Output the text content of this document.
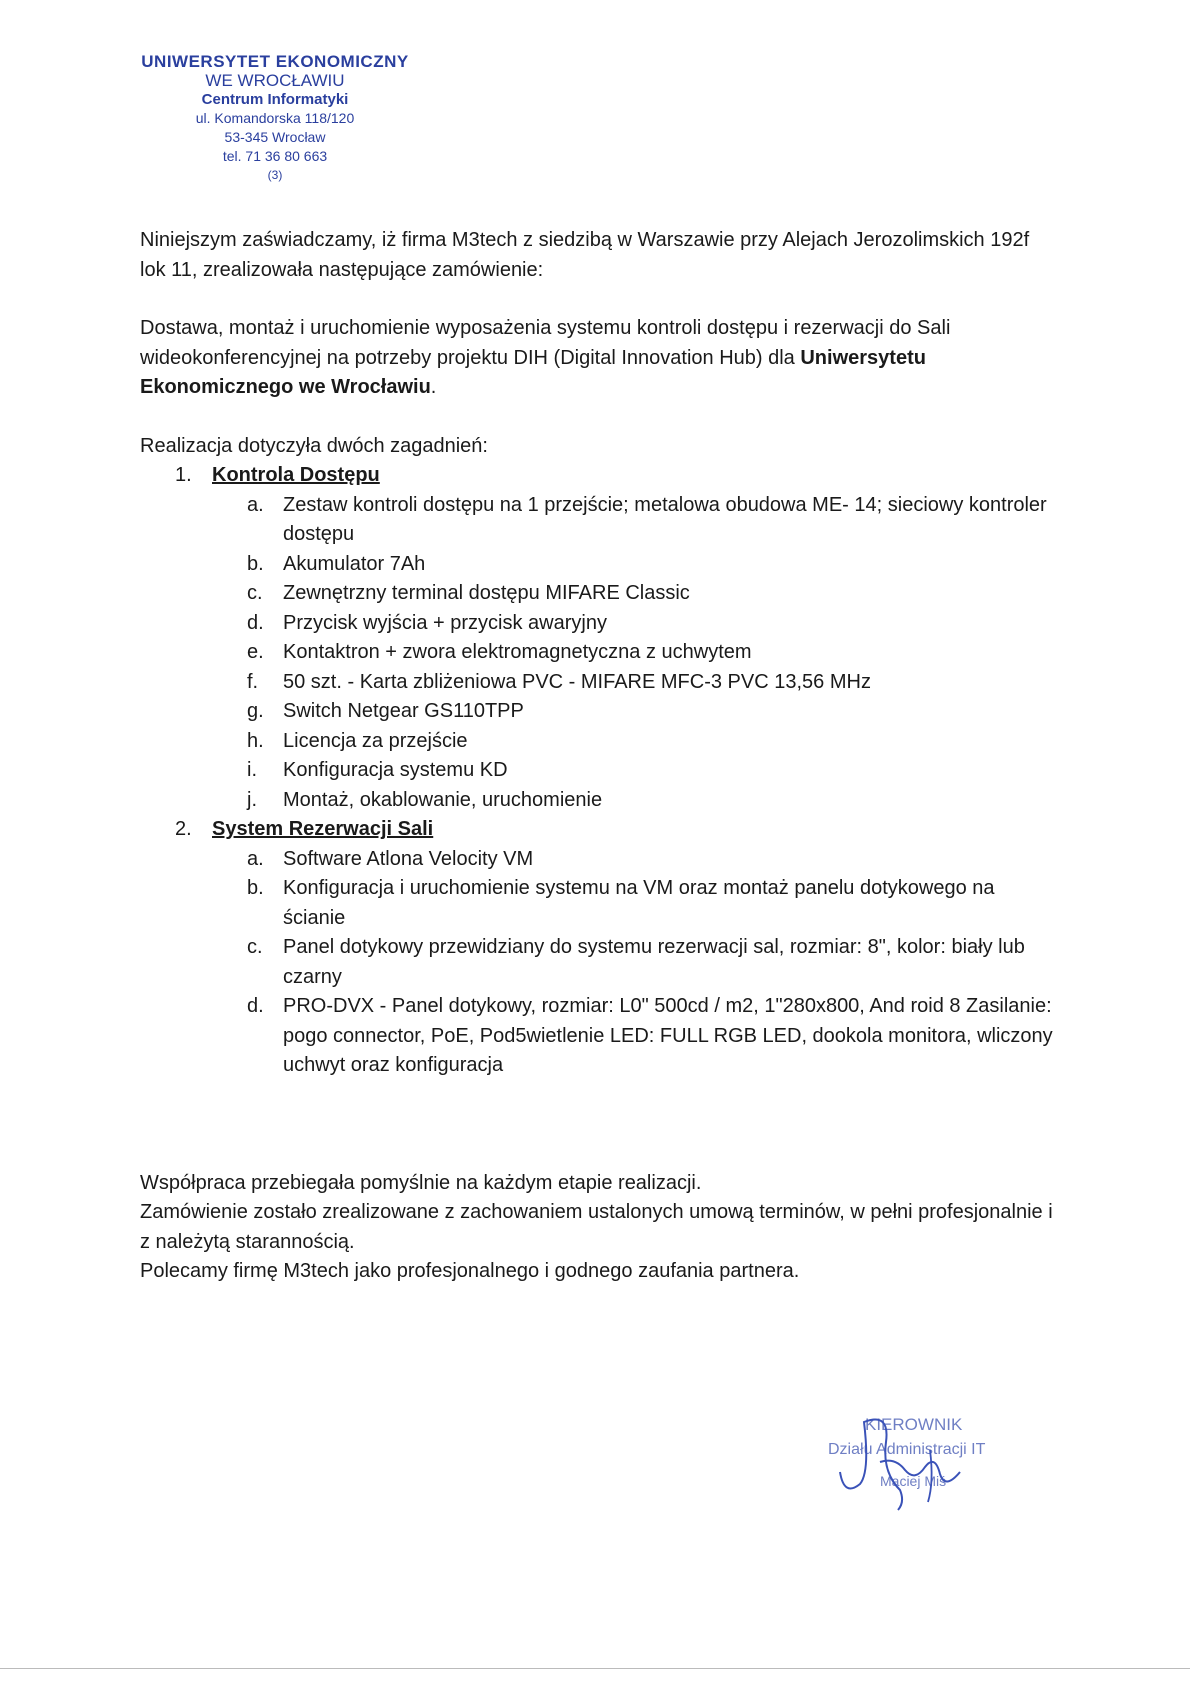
UNIWERSYTET EKONOMICZNY
WE WROCŁAWIU
Centrum Informatyki
ul. Komandorska 118/120
53-345 Wrocław
tel. 71 36 80 663
(3)

Niniejszym zaświadczamy, iż firma M3tech z siedzibą w Warszawie przy Alejach Jerozolimskich 192f lok 11, zrealizowała następujące zamówienie:

Dostawa, montaż i uruchomienie wyposażenia systemu kontroli dostępu i rezerwacji do Sali wideokonferencyjnej na potrzeby projektu DIH (Digital Innovation Hub) dla Uniwersytetu Ekonomicznego we Wrocławiu.

Realizacja dotyczyła dwóch zagadnień:

1. Kontrola Dostępu

a. Zestaw kontroli dostępu na 1 przejście; metalowa obudowa ME- 14; sieciowy kontroler dostępu

b. Akumulator 7Ah

c.	Zewnętrzny terminal dostępu MIFARE Classic

d. Przycisk wyjścia + przycisk awaryjny

e. Kontaktron + zwora elektromagnetyczna z uchwytem

f.	50 szt. - Karta zbliżeniowa PVC - MIFARE MFC-3 PVC 13,56 MHz

g. Switch Netgear GS110TPP

h. Licencja za przejście

i.	Konfiguracja systemu KD

j.	Montaż, okablowanie, uruchomienie

2. System Rezerwacji Sali

a. Software Atlona Velocity VM

b. Konfiguracja i uruchomienie systemu na VM oraz montaż panelu dotykowego na ścianie

c.	Panel dotykowy przewidziany do systemu rezerwacji sal, rozmiar: 8", kolor: biały lub czarny

d. PRO-DVX - Panel dotykowy, rozmiar: L0" 500cd / m2, 1"280x800, And roid 8 Zasilanie: pogo connector, PoE, Pod5wietlenie LED: FULL RGB LED, dookola monitora, wliczony uchwyt oraz konfiguracja

Współpraca przebiegała pomyślnie na każdym etapie realizacji.

Zamówienie zostało zrealizowane z zachowaniem ustalonych umową terminów, w pełni profesjonalnie i z należytą starannością.

Polecamy firmę M3tech jako profesjonalnego i godnego zaufania partnera.

KIEROWNIK
Działu Administracji IT
Maciej Miś
